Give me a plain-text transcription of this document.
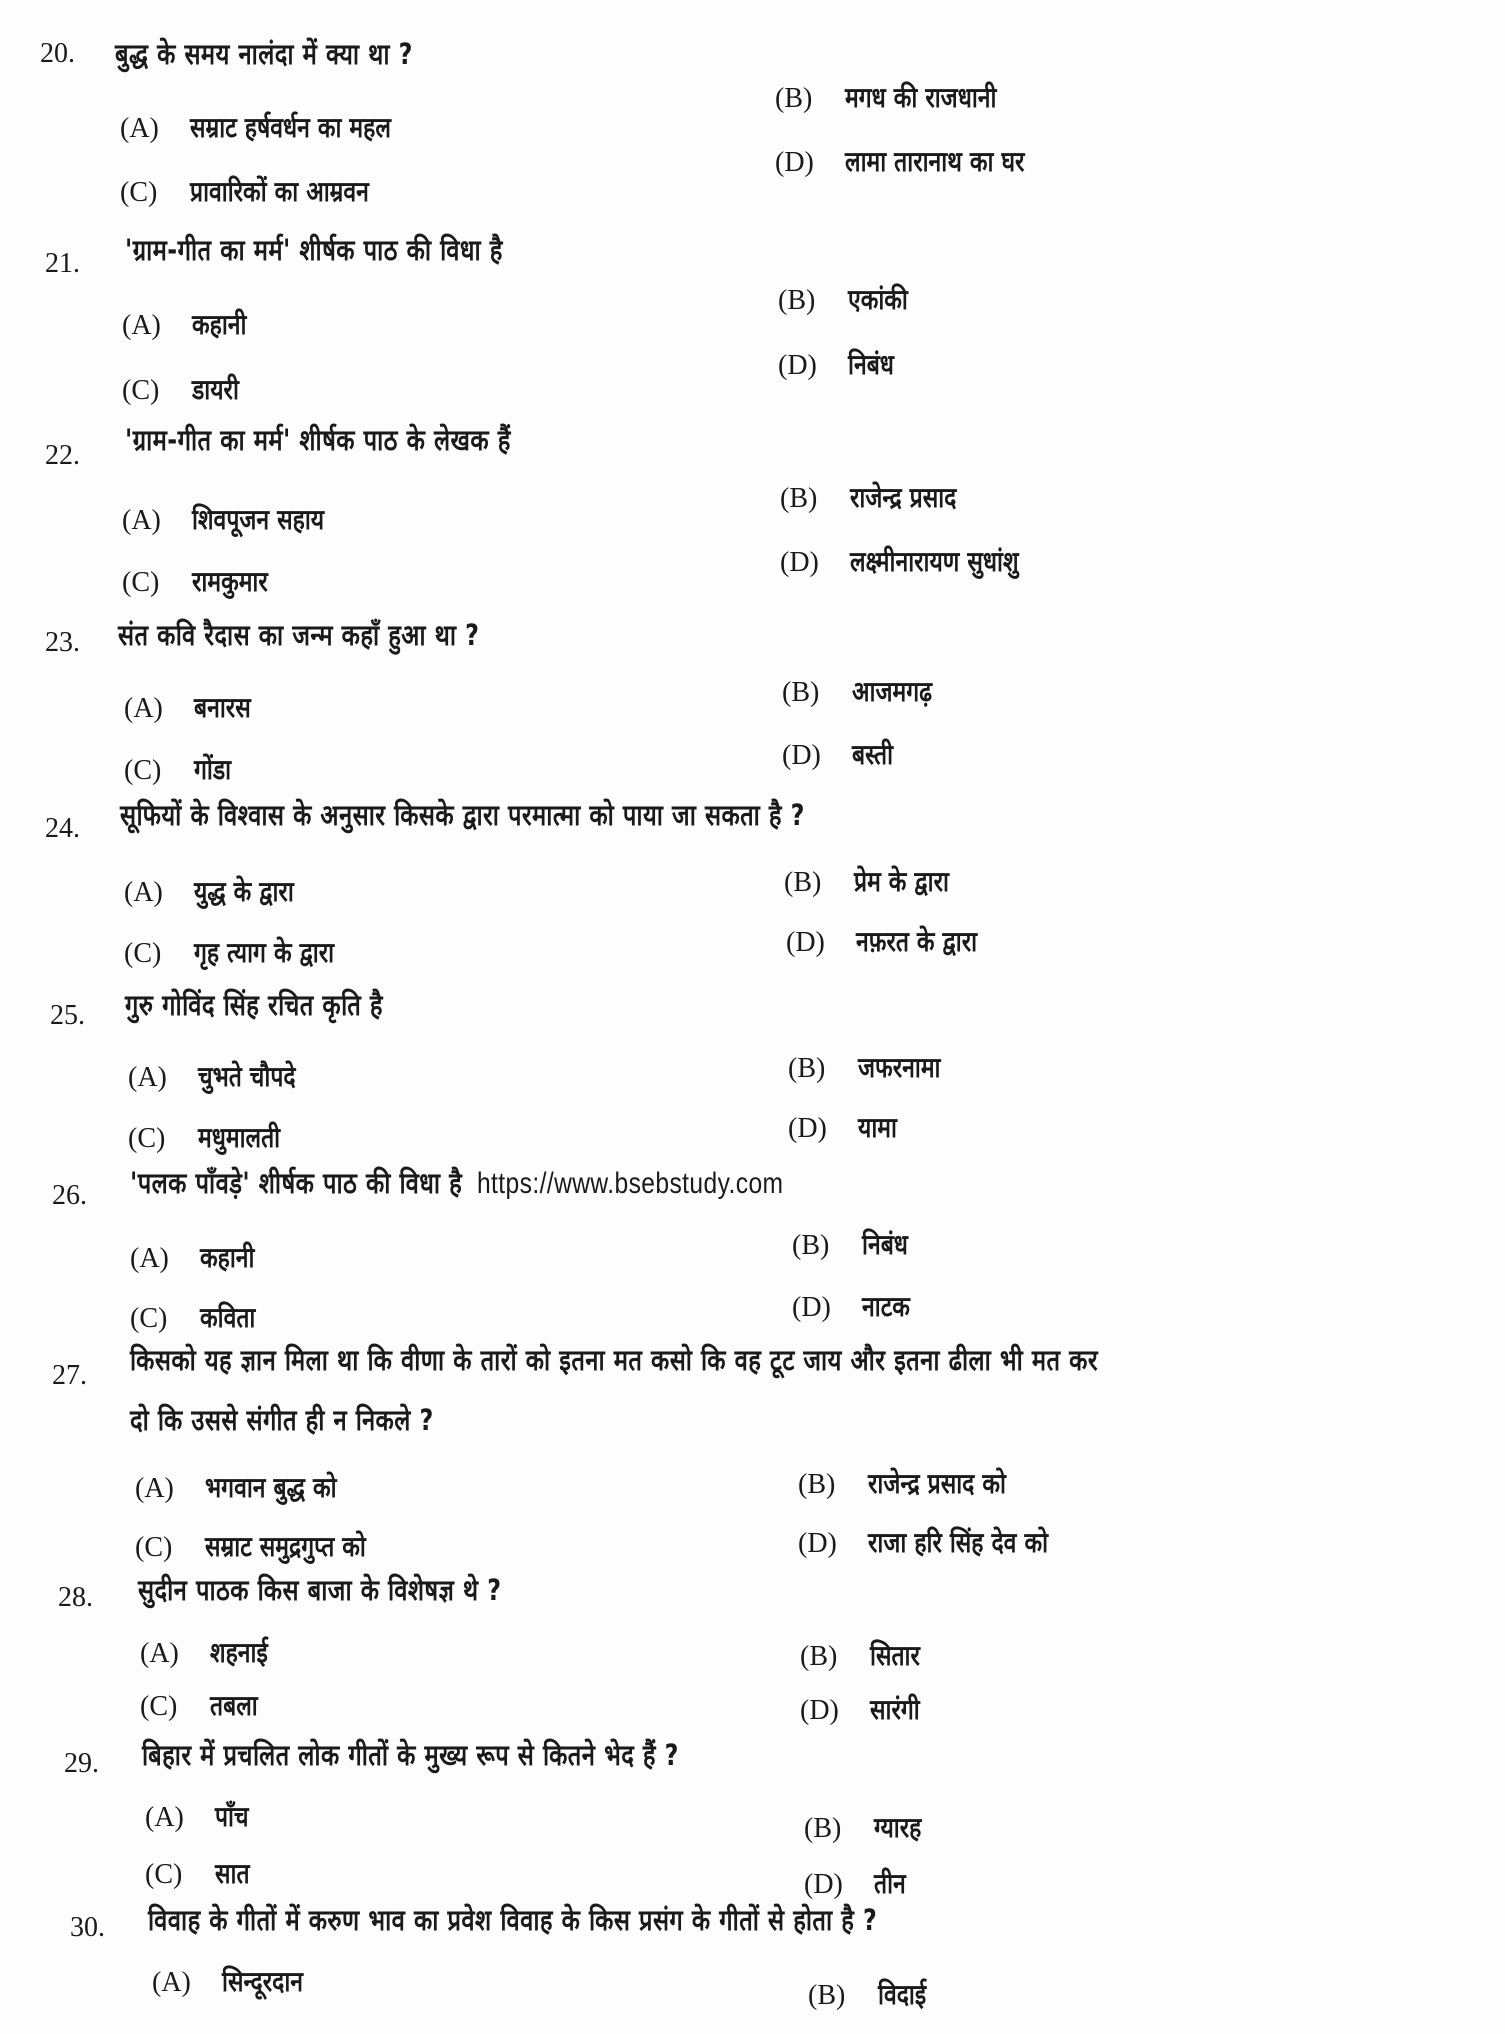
20. बुद्ध के समय नालंदा में क्या था ?
(A) सम्राट हर्षवर्धन का महल
(B) मगध की राजधानी
(C) प्रावारिकों का आम्रवन
(D) लामा तारानाथ का घर
21. 'ग्राम-गीत का मर्म' शीर्षक पाठ की विधा है
(A) कहानी
(B) एकांकी
(C) डायरी
(D) निबंध
22. 'ग्राम-गीत का मर्म' शीर्षक पाठ के लेखक हैं
(A) शिवपूजन सहाय
(B) राजेन्द्र प्रसाद
(C) रामकुमार
(D) लक्ष्मीनारायण सुधांशु
23. संत कवि रैदास का जन्म कहाँ हुआ था ?
(A) बनारस	(B) आजमगढ़
(C) गोंडा	(D) बस्ती
24. सूफियों के विश्वास के अनुसार किसके द्वारा परमात्मा को पाया जा सकता है ?
(A) युद्ध के द्वारा	(B) प्रेम के द्वारा
(C) गृह त्याग के द्वारा	(D) नफ़रत के द्वारा
25. गुरु गोविंद सिंह रचित कृति है
(A) चुभते चौपदे	(B) जफरनामा
(C) मधुमालती	(D) यामा
26. 'पलक पाँवड़े' शीर्षक पाठ की विधा है https://www.bsebstudy.com
(A) कहानी	(B) निबंध
(C) कविता	(D) नाटक
27. किसको यह ज्ञान मिला था कि वीणा के तारों को इतना मत कसो कि वह टूट जाय और इतना ढीला भी मत कर
दो कि उससे संगीत ही न निकले ?
(A) भगवान बुद्ध को	(B) राजेन्द्र प्रसाद को
(C) सम्राट समुद्रगुप्त को	(D) राजा हरि सिंह देव को
28. सुदीन पाठक किस बाजा के विशेषज्ञ थे ?
(A) शहनाई	(B) सितार
(C) तबला	(D) सारंगी
29. बिहार में प्रचलित लोक गीतों के मुख्य रूप से कितने भेद हैं ?
(A) पाँच	(B) ग्यारह
(C) सात	(D) तीन
30. विवाह के गीतों में करुण भाव का प्रवेश विवाह के किस प्रसंग के गीतों से होता है ?
(A) सिन्दूरदान	(B) विदाई
